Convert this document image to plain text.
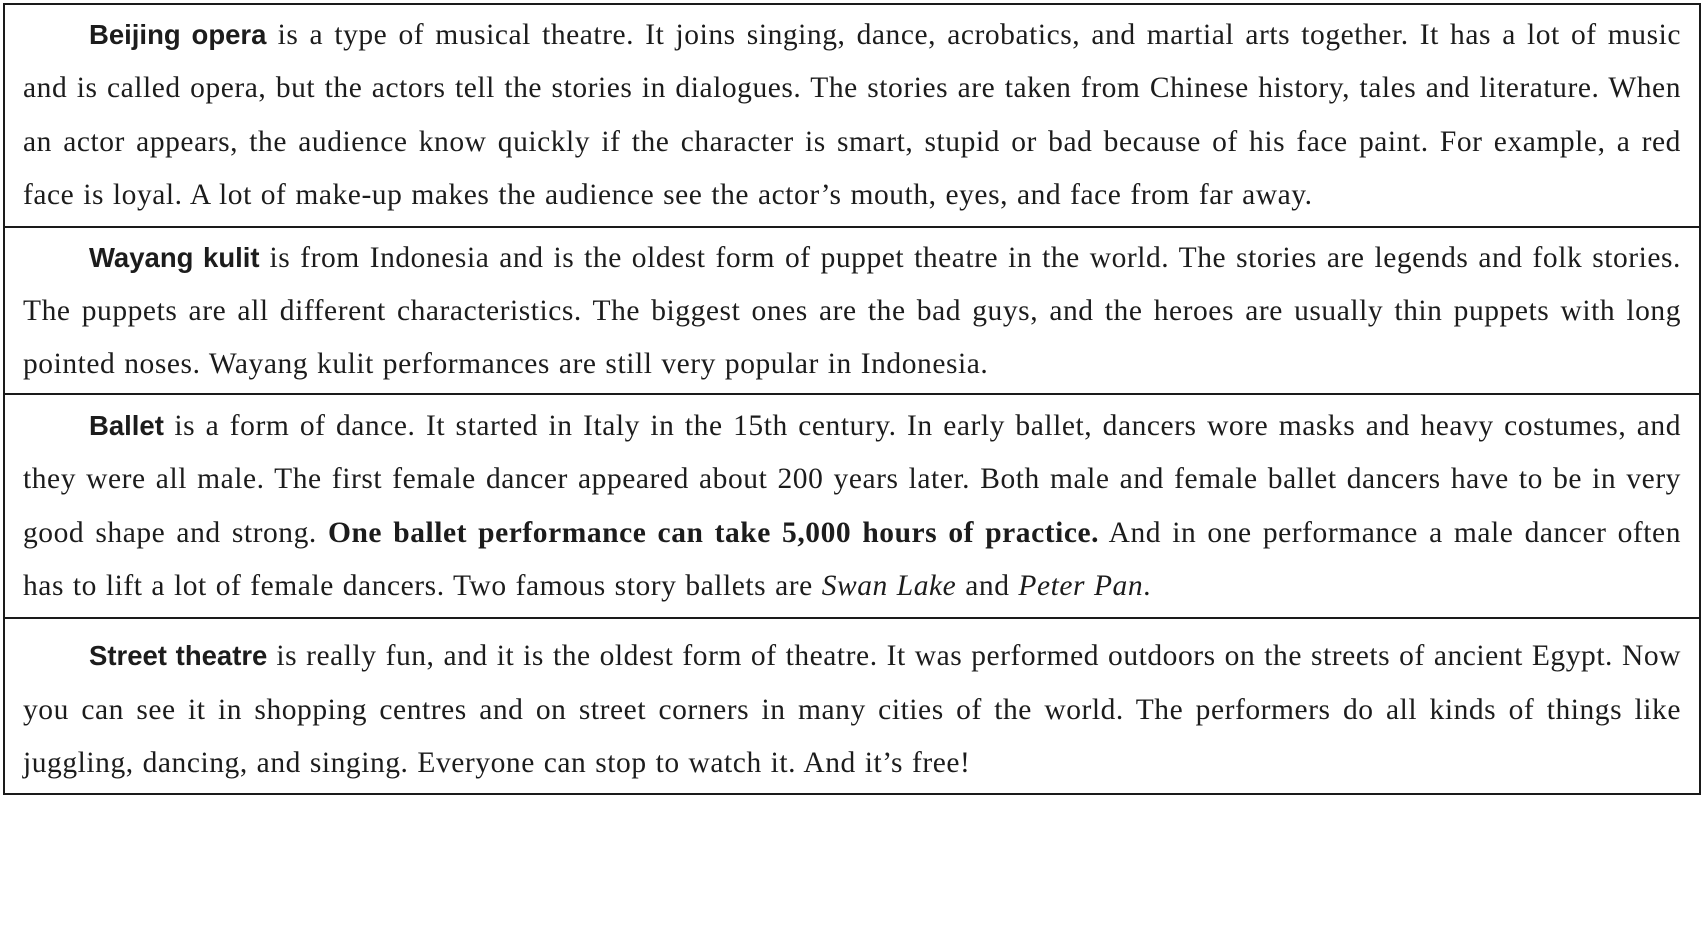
Beijing opera is a type of musical theatre. It joins singing, dance, acrobatics, and martial arts together. It has a lot of music and is called opera, but the actors tell the stories in dialogues. The stories are taken from Chinese history, tales and literature. When an actor appears, the audience know quickly if the character is smart, stupid or bad because of his face paint. For example, a red face is loyal. A lot of make-up makes the audience see the actor’s mouth, eyes, and face from far away.

Wayang kulit is from Indonesia and is the oldest form of puppet theatre in the world. The stories are legends and folk stories. The puppets are all different characteristics. The biggest ones are the bad guys, and the heroes are usually thin puppets with long pointed noses. Wayang kulit performances are still very popular in Indonesia.

Ballet is a form of dance. It started in Italy in the 15th century. In early ballet, dancers wore masks and heavy costumes, and they were all male. The first female dancer appeared about 200 years later. Both male and female ballet dancers have to be in very good shape and strong. One ballet performance can take 5,000 hours of practice. And in one performance a male dancer often has to lift a lot of female dancers. Two famous story ballets are Swan Lake and Peter Pan.

Street theatre is really fun, and it is the oldest form of theatre. It was performed outdoors on the streets of ancient Egypt. Now you can see it in shopping centres and on street corners in many cities of the world. The performers do all kinds of things like juggling, dancing, and singing. Everyone can stop to watch it. And it’s free!
